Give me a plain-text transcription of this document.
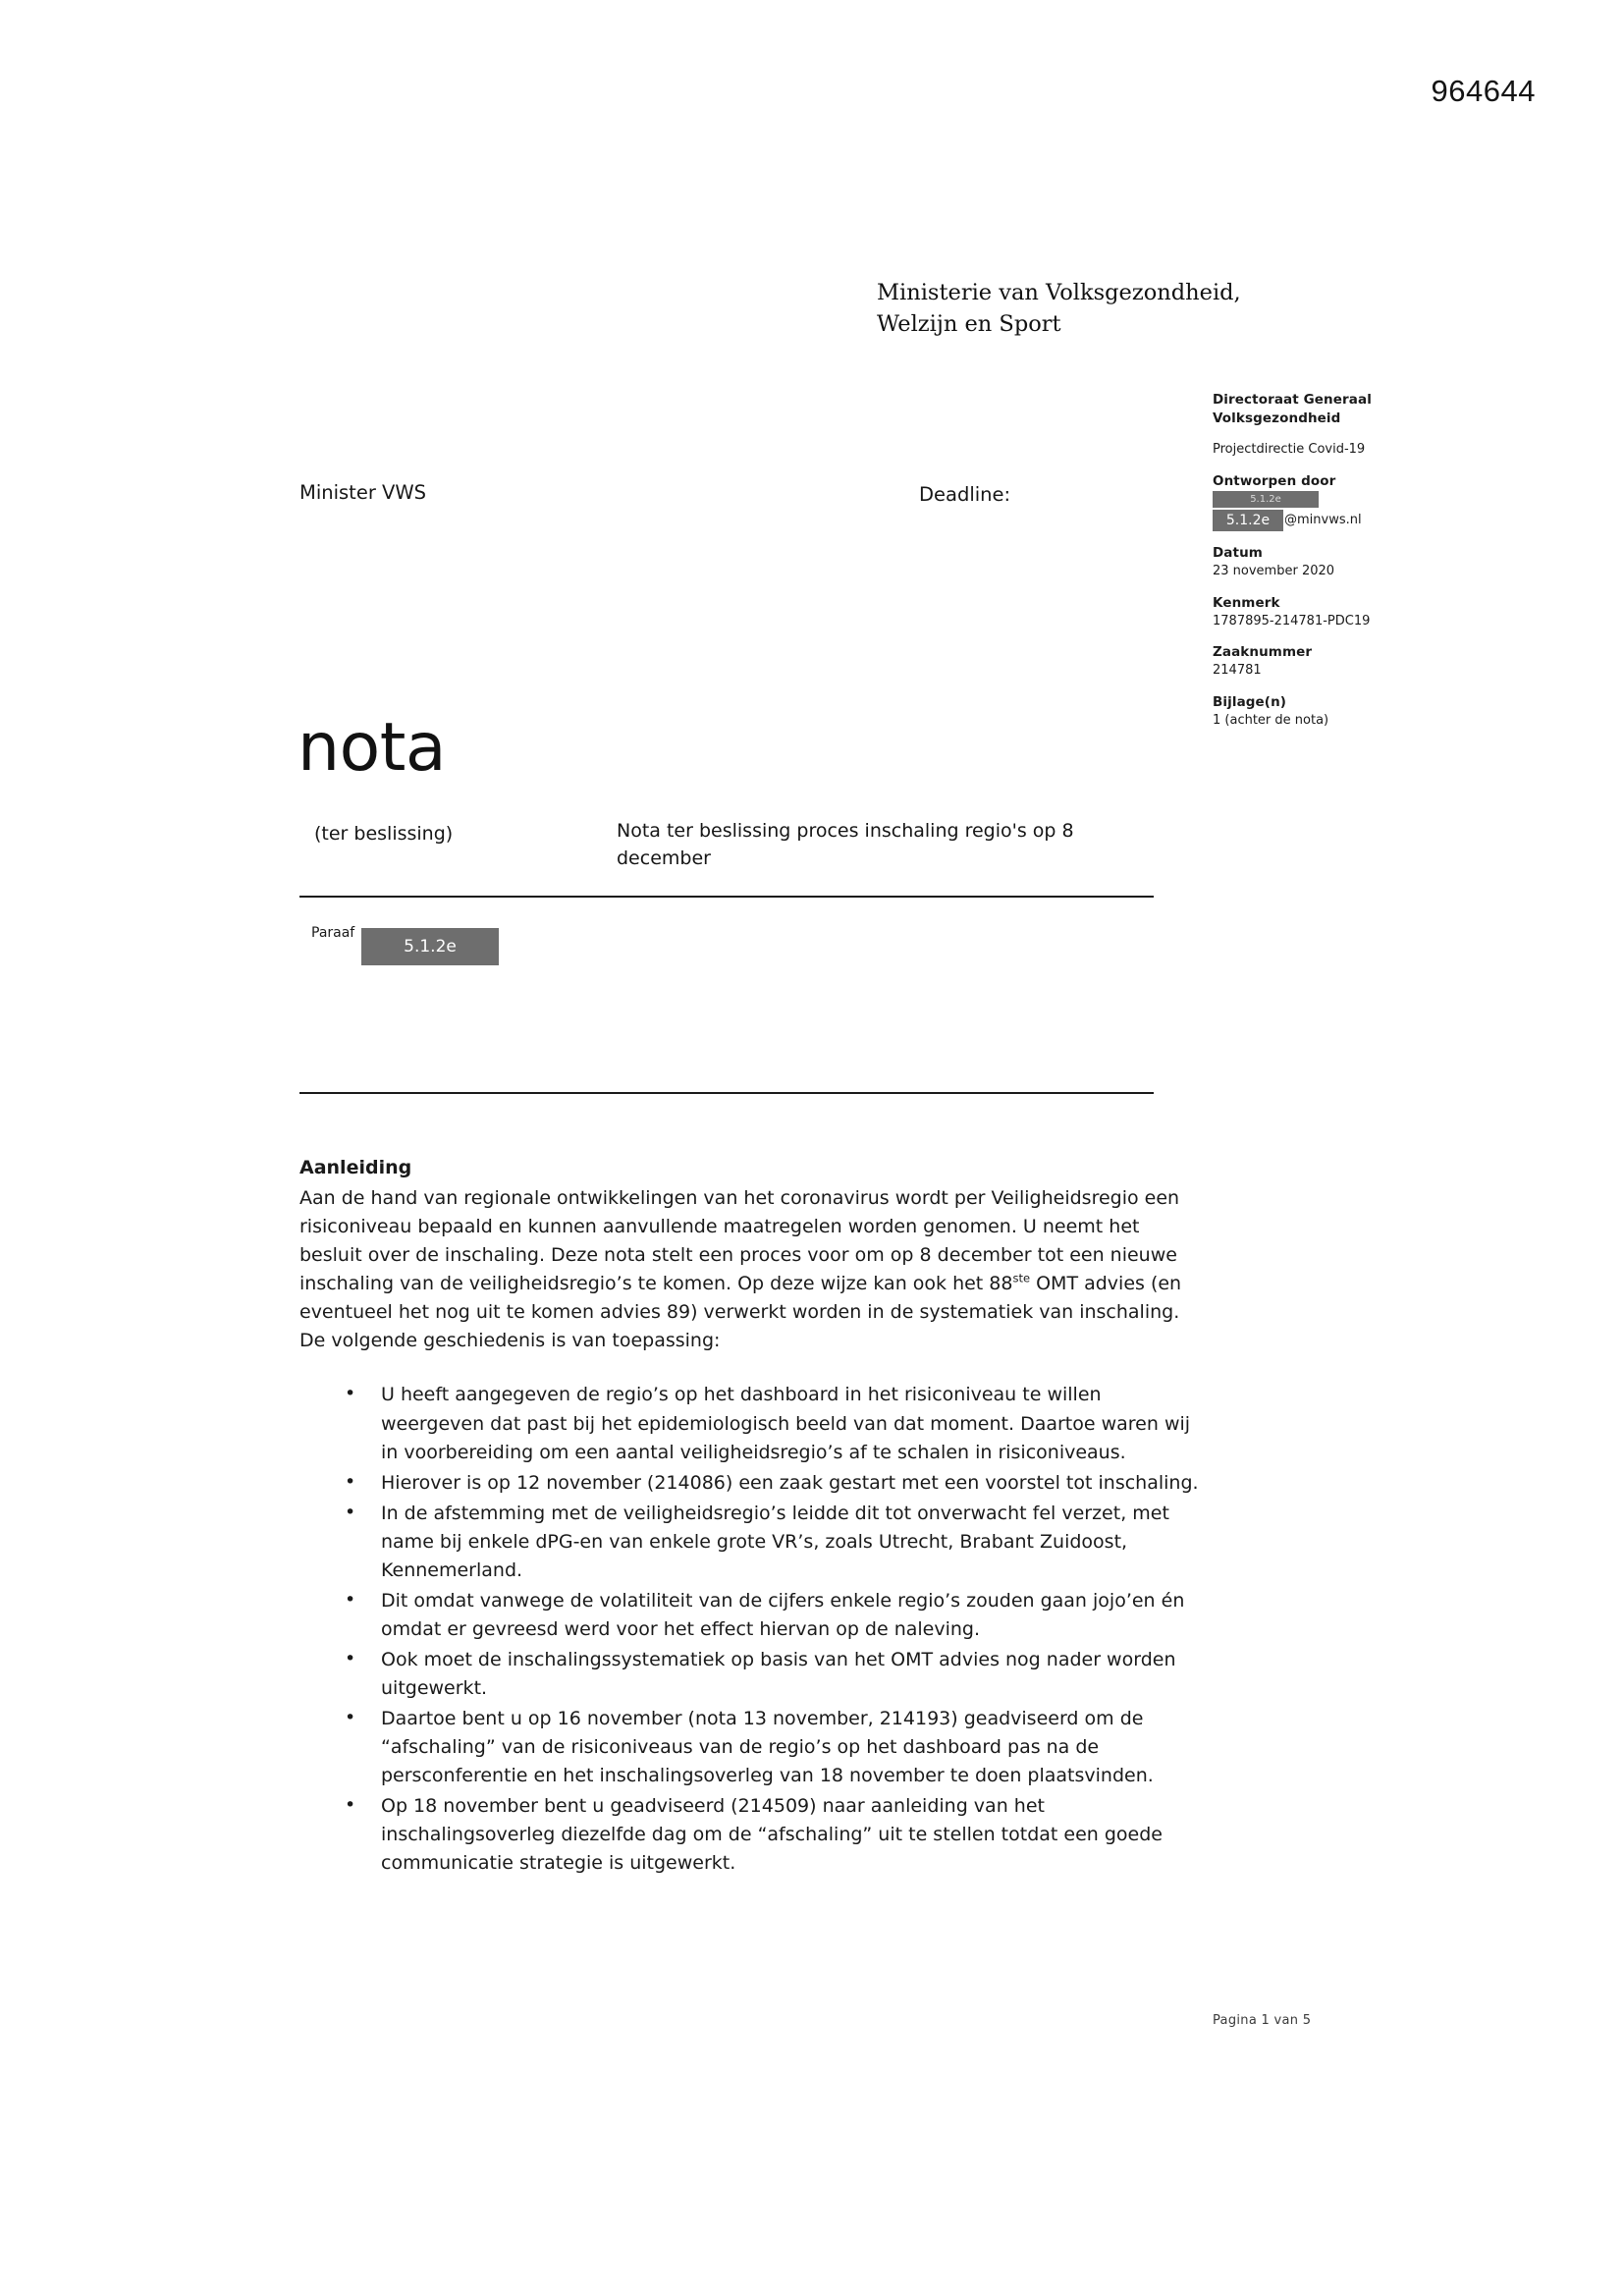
964644
Ministerie van Volksgezondheid,
Welzijn en Sport
Directoraat Generaal
Volksgezondheid
Projectdirectie Covid-19
Ontworpen door
5.1.2e
5.1.2e	@minvws.nl
Datum
23 november 2020
Kenmerk
1787895-214781-PDC19
Zaaknummer
214781
Bijlage(n)
1 (achter de nota)
Minister VWS	Deadline:
nota
(ter beslissing)	Nota ter beslissing proces inschaling regio's op 8 december
Paraaf
5.1.2e
Aanleiding

Aan de hand van regionale ontwikkelingen van het coronavirus wordt per Veiligheidsregio een risiconiveau bepaald en kunnen aanvullende maatregelen worden genomen. U neemt het besluit over de inschaling. Deze nota stelt een proces voor om op 8 december tot een nieuwe inschaling van de veiligheidsregio’s te komen. Op deze wijze kan ook het 88ste OMT advies (en eventueel het nog uit te komen advies 89) verwerkt worden in de systematiek van inschaling. De volgende geschiedenis is van toepassing:

• U heeft aangegeven de regio’s op het dashboard in het risiconiveau te willen weergeven dat past bij het epidemiologisch beeld van dat moment. Daartoe waren wij in voorbereiding om een aantal veiligheidsregio’s af te schalen in risiconiveaus.
• Hierover is op 12 november (214086) een zaak gestart met een voorstel tot inschaling.
• In de afstemming met de veiligheidsregio’s leidde dit tot onverwacht fel verzet, met name bij enkele dPG-en van enkele grote VR’s, zoals Utrecht, Brabant Zuidoost, Kennemerland.
• Dit omdat vanwege de volatiliteit van de cijfers enkele regio’s zouden gaan jojo’en én omdat er gevreesd werd voor het effect hiervan op de naleving.
• Ook moet de inschalingssystematiek op basis van het OMT advies nog nader worden uitgewerkt.
• Daartoe bent u op 16 november (nota 13 november, 214193) geadviseerd om de “afschaling” van de risiconiveaus van de regio’s op het dashboard pas na de persconferentie en het inschalingsoverleg van 18 november te doen plaatsvinden.
• Op 18 november bent u geadviseerd (214509) naar aanleiding van het inschalingsoverleg diezelfde dag om de “afschaling” uit te stellen totdat een goede communicatie strategie is uitgewerkt.
Pagina 1 van 5
